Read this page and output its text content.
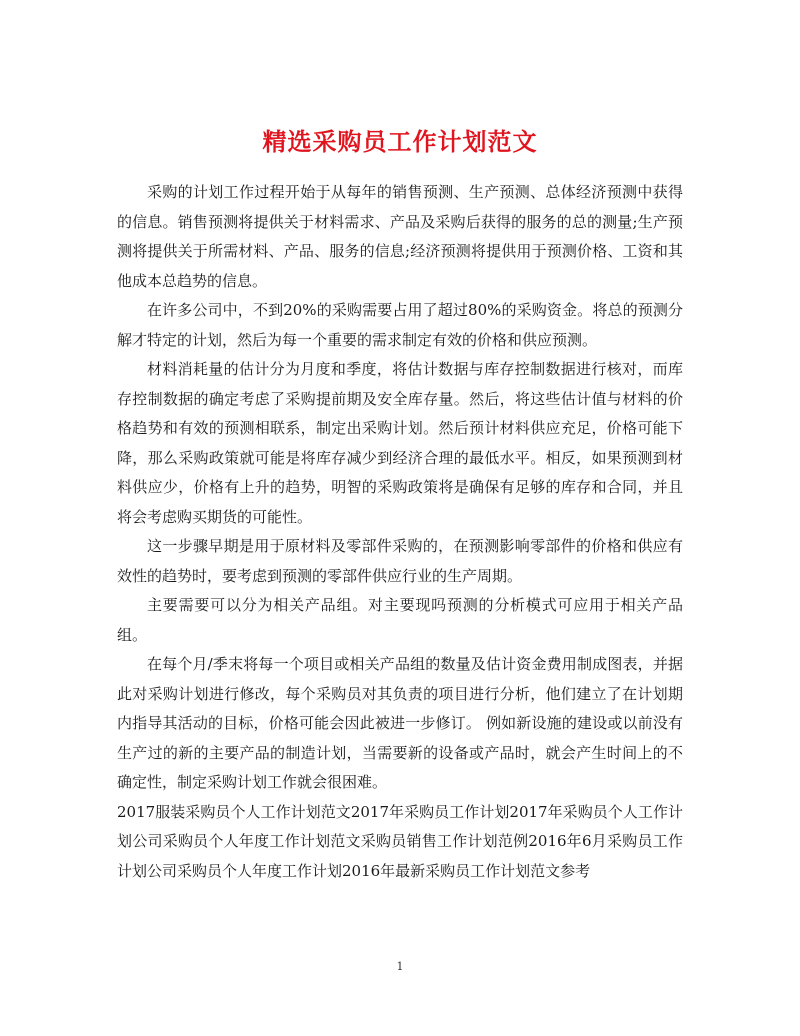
精选采购员工作计划范文

采购的计划工作过程开始于从每年的销售预测、生产预测、总体经济预测中获得的信息。销售预测将提供关于材料需求、产品及采购后获得的服务的总的测量;生产预测将提供关于所需材料、产品、服务的信息;经济预测将提供用于预测价格、工资和其他成本总趋势的信息。

在许多公司中，不到20%的采购需要占用了超过80%的采购资金。将总的预测分解才特定的计划，然后为每一个重要的需求制定有效的价格和供应预测。

材料消耗量的估计分为月度和季度，将估计数据与库存控制数据进行核对，而库存控制数据的确定考虑了采购提前期及安全库存量。然后，将这些估计值与材料的价格趋势和有效的预测相联系，制定出采购计划。然后预计材料供应充足，价格可能下降，那么采购政策就可能是将库存减少到经济合理的最低水平。相反，如果预测到材料供应少，价格有上升的趋势，明智的采购政策将是确保有足够的库存和合同，并且将会考虑购买期货的可能性。

这一步骤早期是用于原材料及零部件采购的，在预测影响零部件的价格和供应有效性的趋势时，要考虑到预测的零部件供应行业的生产周期。

主要需要可以分为相关产品组。对主要现吗预测的分析模式可应用于相关产品组。

在每个月/季末将每一个项目或相关产品组的数量及估计资金费用制成图表，并据此对采购计划进行修改，每个采购员对其负责的项目进行分析，他们建立了在计划期内指导其活动的目标，价格可能会因此被进一步修订。 例如新设施的建设或以前没有生产过的新的主要产品的制造计划，当需要新的设备或产品时，就会产生时间上的不确定性，制定采购计划工作就会很困难。

2017服装采购员个人工作计划范文2017年采购员工作计划2017年采购员个人工作计划公司采购员个人年度工作计划范文采购员销售工作计划范例2016年6月采购员工作计划公司采购员个人年度工作计划2016年最新采购员工作计划范文参考

1
